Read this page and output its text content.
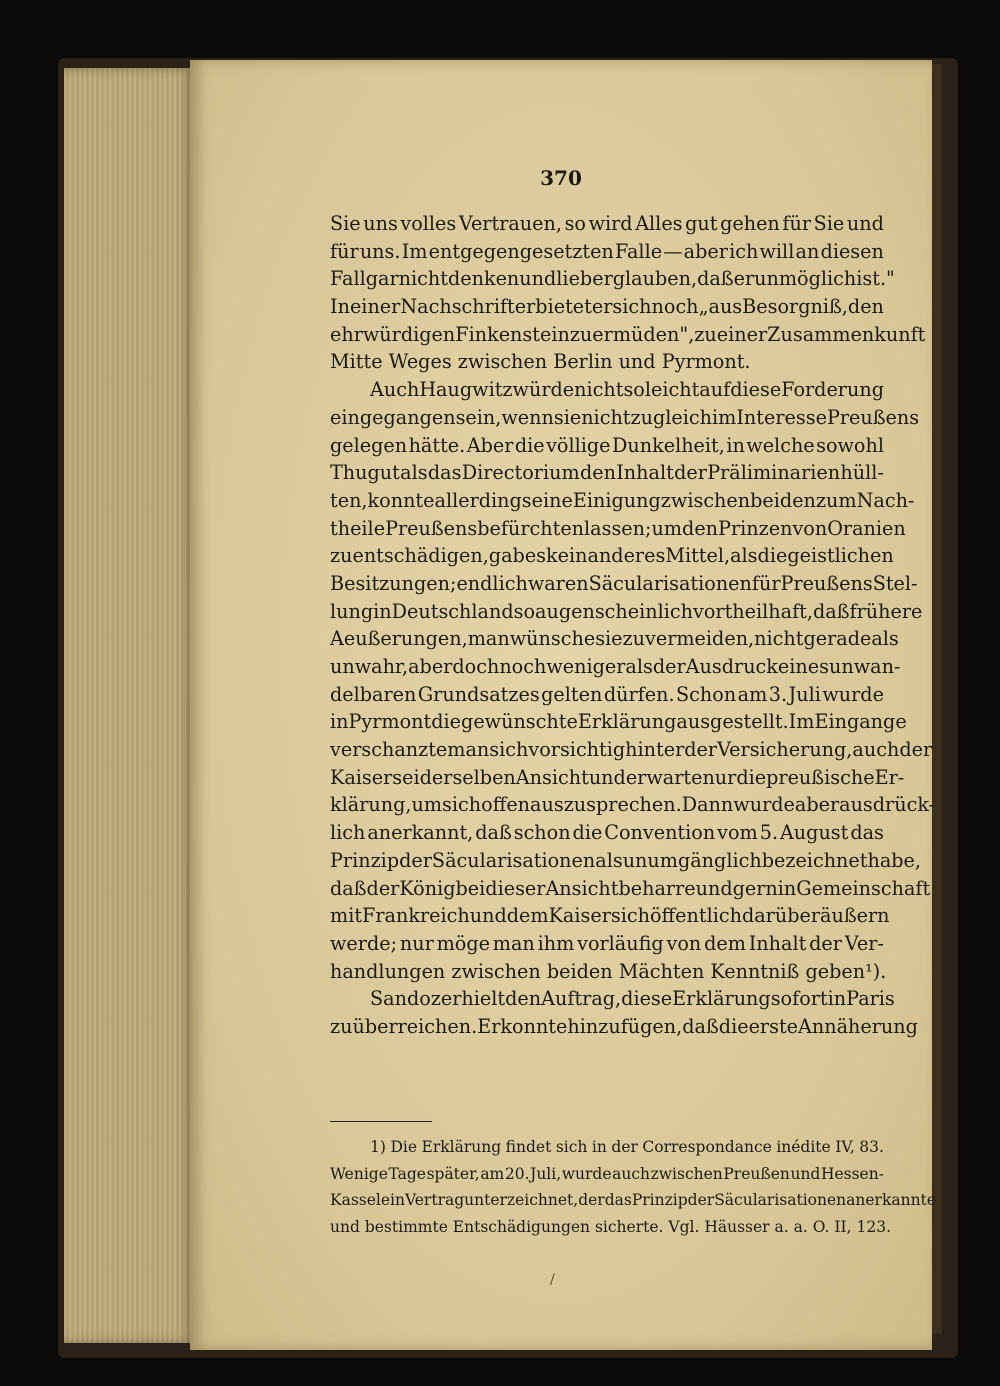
370
Sie uns volles Vertrauen, so wird Alles gut gehen für Sie und
für uns. Im entgegengesetzten Falle — aber ich will an diesen
Fall gar nicht denken und lieber glauben, daß er unmöglich ist."
In einer Nachschrift erbietet er sich noch „aus Besorgniß, den
ehrwürdigen Finkenstein zu ermüden", zu einer Zusammenkunft
Mitte Weges zwischen Berlin und Pyrmont.
Auch Haugwitz würde nicht so leicht auf diese Forderung
eingegangen sein, wenn sie nicht zugleich im Interesse Preußens
gelegen hätte. Aber die völlige Dunkelheit, in welche sowohl
Thugut als das Directorium den Inhalt der Präliminarien hüll-
ten, konnte allerdings eine Einigung zwischen beiden zum Nach-
theile Preußens befürchten lassen; um den Prinzen von Oranien
zu entschädigen, gab es kein anderes Mittel, als die geistlichen
Besitzungen; endlich waren Säcularisationen für Preußens Stel-
lung in Deutschland so augenscheinlich vortheilhaft, daß frühere
Aeußerungen, man wünsche sie zu vermeiden, nicht gerade als
unwahr, aber doch noch weniger als der Ausdruck eines unwan-
delbaren Grundsatzes gelten dürfen. Schon am 3. Juli wurde
in Pyrmont die gewünschte Erklärung ausgestellt. Im Eingange
verschanzte man sich vorsichtig hinter der Versicherung, auch der
Kaiser sei derselben Ansicht und erwarte nur die preußische Er-
klärung, um sich offen auszusprechen. Dann wurde aber ausdrück-
lich anerkannt, daß schon die Convention vom 5. August das
Prinzip der Säcularisationen als unumgänglich bezeichnet habe,
daß der König bei dieser Ansicht beharre und gern in Gemeinschaft
mit Frankreich und dem Kaiser sich öffentlich darüber äußern
werde; nur möge man ihm vorläufig von dem Inhalt der Ver-
handlungen zwischen beiden Mächten Kenntniß geben¹).
Sandoz erhielt den Auftrag, diese Erklärung sofort in Paris
zu überreichen. Er konnte hinzufügen, daß die erste Annäherung
1) Die Erklärung findet sich in der Correspondance inédite IV, 83.
Wenige Tage später, am 20. Juli, wurde auch zwischen Preußen und Hessen-
Kassel ein Vertrag unterzeichnet, der das Prinzip der Säcularisationen anerkannte
und bestimmte Entschädigungen sicherte. Vgl. Häusser a. a. O. II, 123.
/
